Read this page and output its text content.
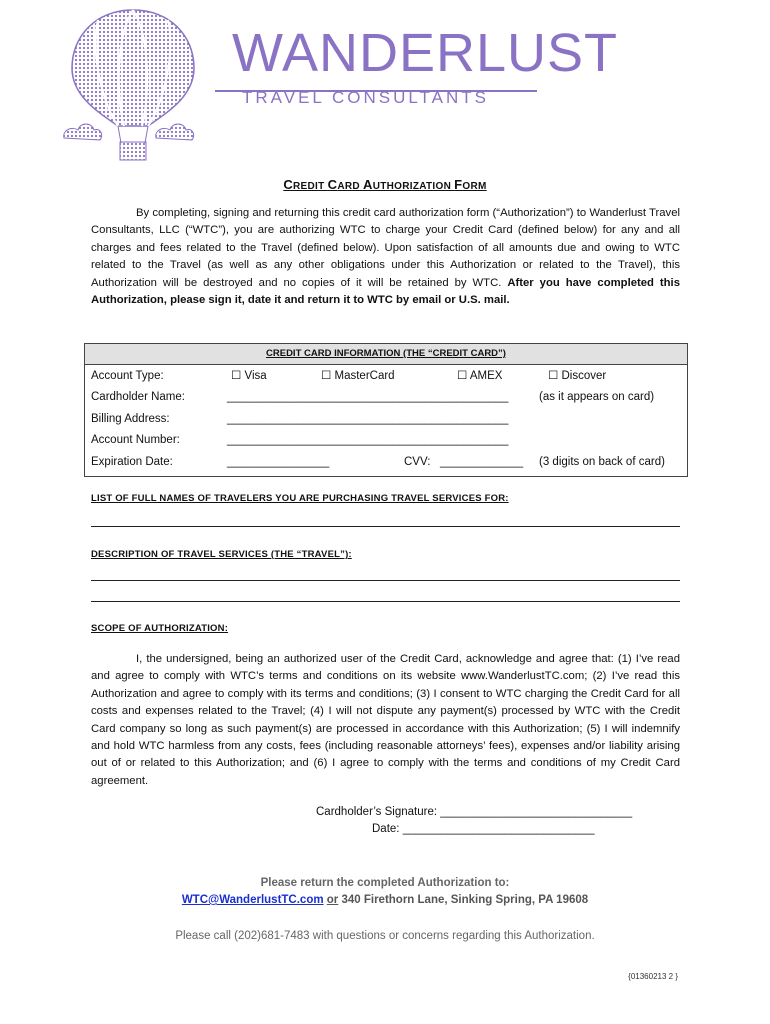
WANDERLUST
TRAVEL CONSULTANTS
CREDIT CARD AUTHORIZATION FORM
By completing, signing and returning this credit card authorization form (“Authorization”) to Wanderlust Travel Consultants, LLC (“WTC”), you are authorizing WTC to charge your Credit Card (defined below) for any and all charges and fees related to the Travel (defined below). Upon satisfaction of all amounts due and owing to WTC related to the Travel (as well as any other obligations under this Authorization or related to the Travel), this Authorization will be destroyed and no copies of it will be retained by WTC. After you have completed this Authorization, please sign it, date it and return it to WTC by email or U.S. mail.
CREDIT CARD INFORMATION (THE “CREDIT CARD”)
Account Type:	☐ Visa	☐ MasterCard	☐ AMEX	☐ Discover
Cardholder Name:	____________________________________________	(as it appears on card)
Billing Address:	____________________________________________
Account Number:	____________________________________________
Expiration Date:	________________	CVV: _____________ (3 digits on back of card)
LIST OF FULL NAMES OF TRAVELERS YOU ARE PURCHASING TRAVEL SERVICES FOR:
DESCRIPTION OF TRAVEL SERVICES (THE “TRAVEL”):
SCOPE OF AUTHORIZATION:
I, the undersigned, being an authorized user of the Credit Card, acknowledge and agree that: (1) I’ve read and agree to comply with WTC’s terms and conditions on its website www.WanderlustTC.com; (2) I’ve read this Authorization and agree to comply with its terms and conditions; (3) I consent to WTC charging the Credit Card for all costs and expenses related to the Travel; (4) I will not dispute any payment(s) processed by WTC with the Credit Card company so long as such payment(s) are processed in accordance with this Authorization; (5) I will indemnify and hold WTC harmless from any costs, fees (including reasonable attorneys’ fees), expenses and/or liability arising out of or related to this Authorization; and (6) I agree to comply with the terms and conditions of my Credit Card agreement.
Cardholder’s Signature: ______________________________
Date: ______________________________
Please return the completed Authorization to:
WTC@WanderlustTC.com or 340 Firethorn Lane, Sinking Spring, PA 19608
Please call (202)681-7483 with questions or concerns regarding this Authorization.
{01360213 2 }
